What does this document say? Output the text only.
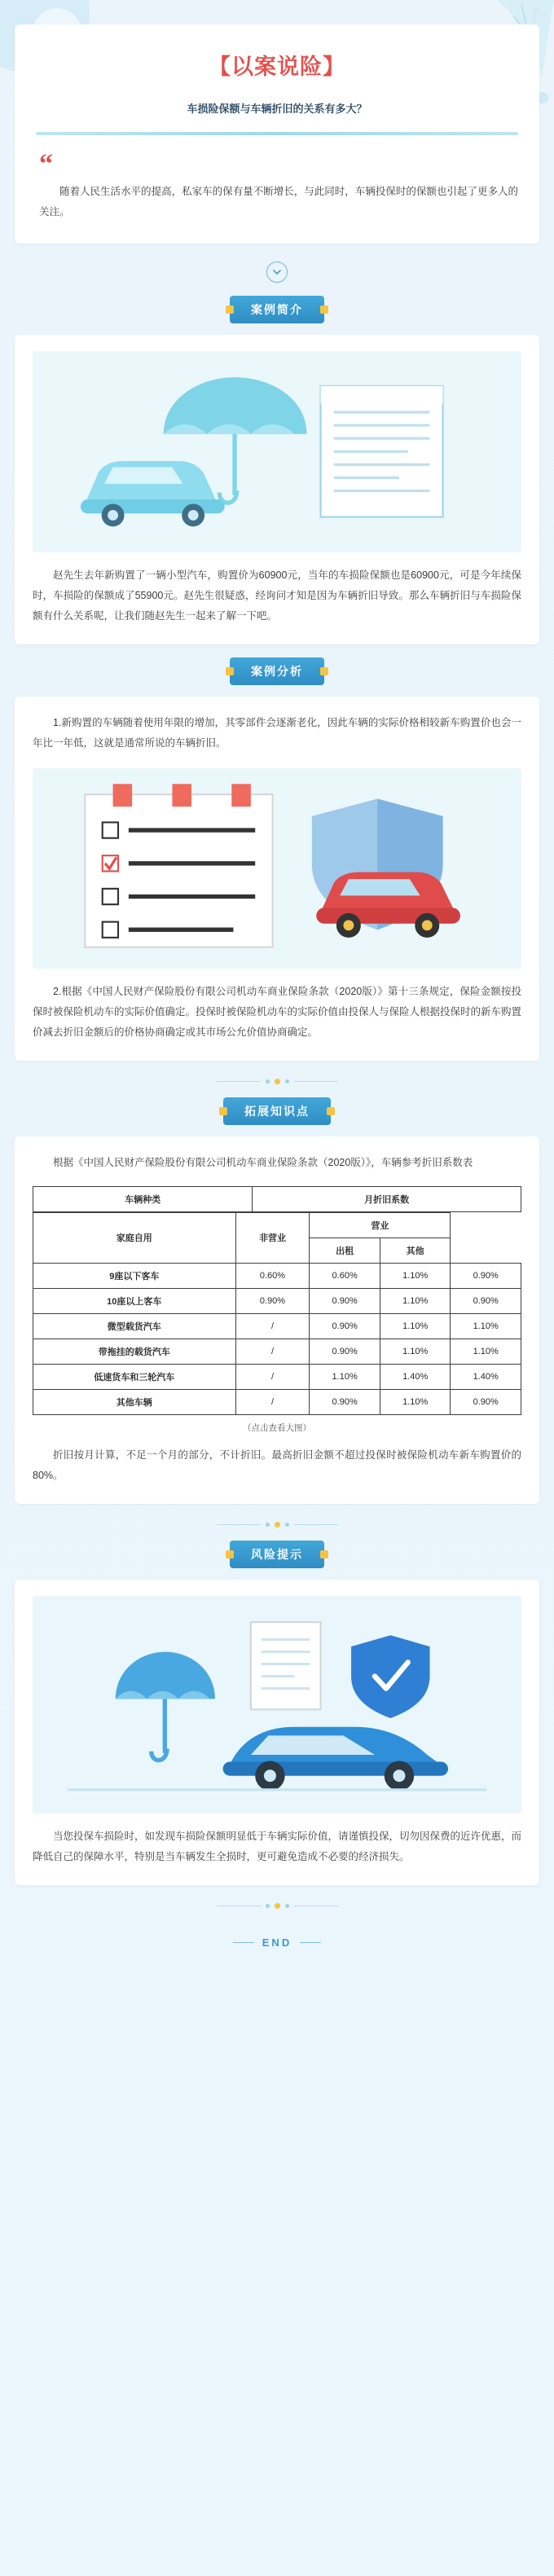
【以案说险】
车损险保额与车辆折旧的关系有多大？
“
随着人民生活水平的提高，私家车的保有量不断增长，与此同时，车辆投保时的保额也引起了更多人的关注。
案例简介

赵先生去年新购置了一辆小型汽车，购置价为60900元，当年的车损险保额也是60900元，可是今年续保时，车损险的保额成了55900元。赵先生很疑惑，经询问才知是因为车辆折旧导致。那么车辆折旧与车损险保额有什么关系呢，让我们随赵先生一起来了解一下吧。

案例分析

1.新购置的车辆随着使用年限的增加，其零部件会逐渐老化，因此车辆的实际价格相较新车购置价也会一年比一年低，这就是通常所说的车辆折旧。

2.根据《中国人民财产保险股份有限公司机动车商业保险条款（2020版）》第十三条规定，保险金额按投保时被保险机动车的实际价值确定。投保时被保险机动车的实际价值由投保人与保险人根据投保时的新车购置价减去折旧金额后的价格协商确定或其市场公允价值协商确定。

拓展知识点
根据《中国人民财产保险股份有限公司机动车商业保险条款（2020版）》，车辆参考折旧系数表
车辆种类	月折旧系数

家庭自用	非营业	营业		
		出租	其他	
9座以下客车	0.60%	0.60%	1.10%	0.90%
10座以上客车	0.90%	0.90%	1.10%	0.90%
微型载货汽车	/	0.90%	1.10%	1.10%
带拖挂的载货汽车	/	0.90%	1.10%	1.10%
低速货车和三轮汽车	/	1.10%	1.40%	1.40%
其他车辆	/	0.90%	1.10%	0.90%
（点击查看大图）
折旧按月计算，不足一个月的部分，不计折旧。最高折旧金额不超过投保时被保险机动车新车购置价的80%。
风险提示

当您投保车损险时，如发现车损险保额明显低于车辆实际价值，请谨慎投保，切勿因保费的近许优惠，而降低自己的保障水平，特别是当车辆发生全损时，更可避免造成不必要的经济损失。

END
